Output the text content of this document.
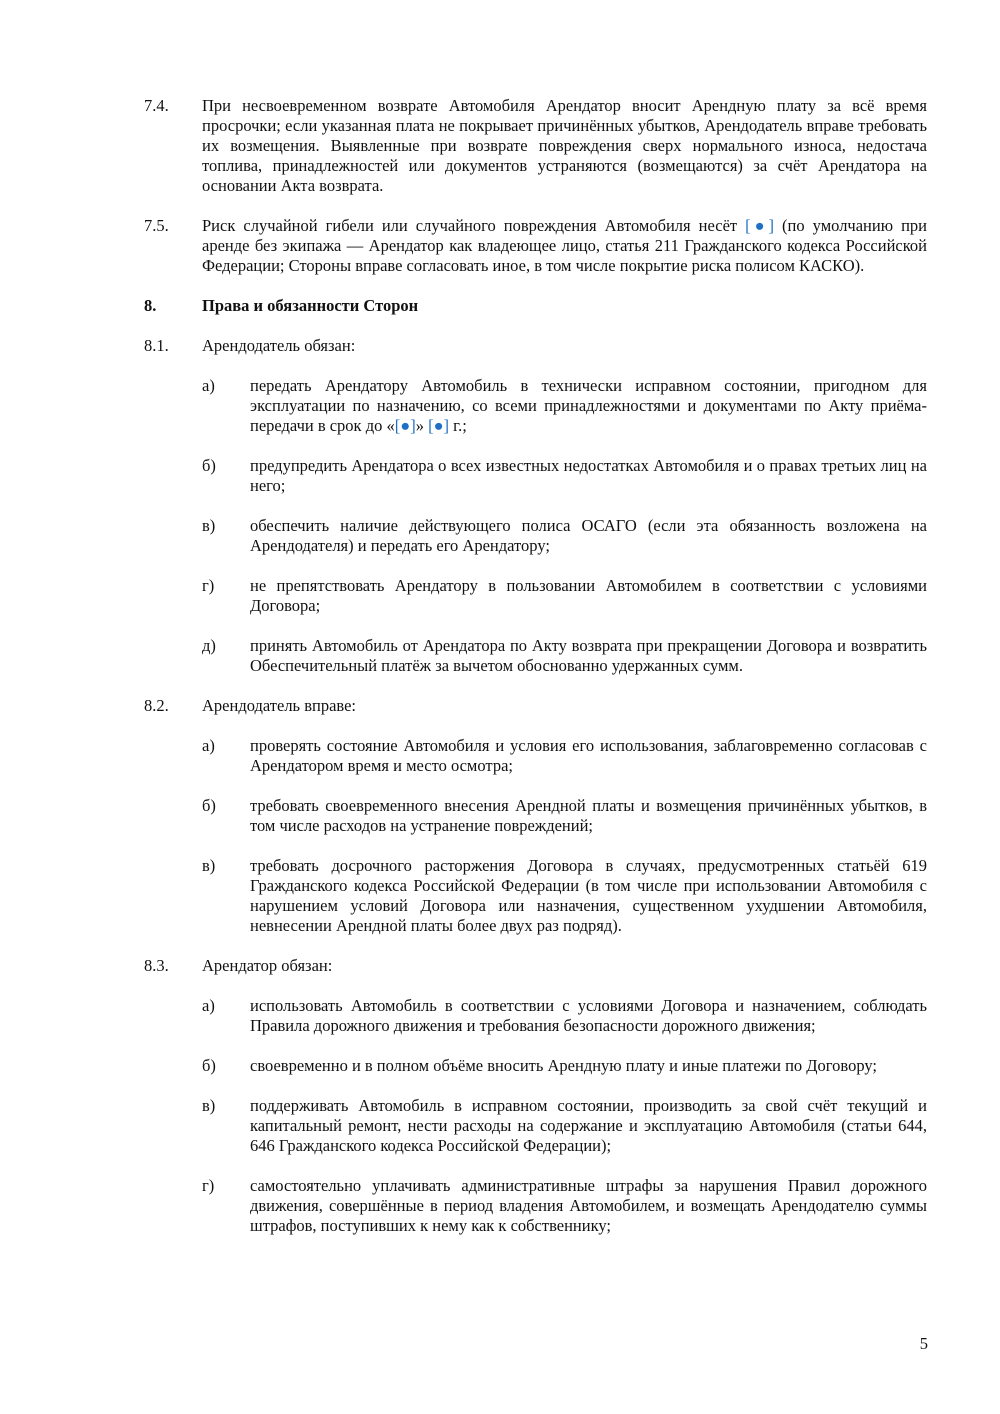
7.4.	При несвоевременном возврате Автомобиля Арендатор вносит Арендную плату за всё время просрочки; если указанная плата не покрывает причинённых убытков, Арендодатель вправе требовать их возмещения. Выявленные при возврате повреждения сверх нормального износа, недостача топлива, принадлежностей или документов устраняются (возмещаются) за счёт Арендатора на основании Акта возврата.
7.5.	Риск случайной гибели или случайного повреждения Автомобиля несёт [●] (по умолчанию при аренде без экипажа — Арендатор как владеющее лицо, статья 211 Гражданского кодекса Российской Федерации; Стороны вправе согласовать иное, в том числе покрытие риска полисом КАСКО).
8.	Права и обязанности Сторон
8.1.	Арендодатель обязан:
а)	передать Арендатору Автомобиль в технически исправном состоянии, пригодном для эксплуатации по назначению, со всеми принадлежностями и документами по Акту приёма-передачи в срок до «[●]» [●] г.;
б)	предупредить Арендатора о всех известных недостатках Автомобиля и о правах третьих лиц на него;
в)	обеспечить наличие действующего полиса ОСАГО (если эта обязанность возложена на Арендодателя) и передать его Арендатору;
г)	не препятствовать Арендатору в пользовании Автомобилем в соответствии с условиями Договора;
д)	принять Автомобиль от Арендатора по Акту возврата при прекращении Договора и возвратить Обеспечительный платёж за вычетом обоснованно удержанных сумм.
8.2.	Арендодатель вправе:
а)	проверять состояние Автомобиля и условия его использования, заблаговременно согласовав с Арендатором время и место осмотра;
б)	требовать своевременного внесения Арендной платы и возмещения причинённых убытков, в том числе расходов на устранение повреждений;
в)	требовать досрочного расторжения Договора в случаях, предусмотренных статьёй 619 Гражданского кодекса Российской Федерации (в том числе при использовании Автомобиля с нарушением условий Договора или назначения, существенном ухудшении Автомобиля, невнесении Арендной платы более двух раз подряд).
8.3.	Арендатор обязан:
а)	использовать Автомобиль в соответствии с условиями Договора и назначением, соблюдать Правила дорожного движения и требования безопасности дорожного движения;
б)	своевременно и в полном объёме вносить Арендную плату и иные платежи по Договору;
в)	поддерживать Автомобиль в исправном состоянии, производить за свой счёт текущий и капитальный ремонт, нести расходы на содержание и эксплуатацию Автомобиля (статьи 644, 646 Гражданского кодекса Российской Федерации);
г)	самостоятельно уплачивать административные штрафы за нарушения Правил дорожного движения, совершённые в период владения Автомобилем, и возмещать Арендодателю суммы штрафов, поступивших к нему как к собственнику;
5
